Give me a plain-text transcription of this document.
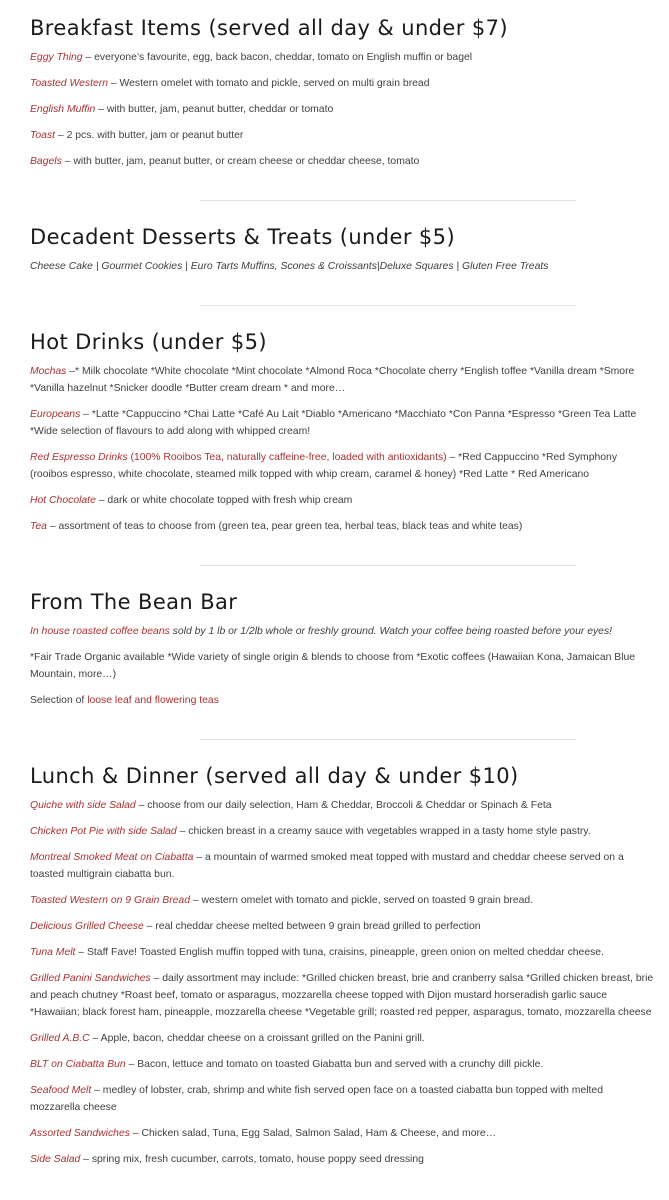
Breakfast Items (served all day & under $7)

Eggy Thing – everyone’s favourite, egg, back bacon, cheddar, tomato on English muffin or bagel

Toasted Western – Western omelet with tomato and pickle, served on multi grain bread

English Muffin – with butter, jam, peanut butter, cheddar or tomato

Toast – 2 pcs. with butter, jam or peanut butter

Bagels – with butter, jam, peanut butter, or cream cheese or cheddar cheese, tomato

Decadent Desserts & Treats (under $5)

Cheese Cake | Gourmet Cookies | Euro Tarts Muffins, Scones & Croissants|Deluxe Squares | Gluten Free Treats

Hot Drinks (under $5)

Mochas –* Milk chocolate *White chocolate *Mint chocolate *Almond Roca *Chocolate cherry *English toffee *Vanilla dream *Smore *Vanilla hazelnut *Snicker doodle *Butter cream dream * and more…

Europeans – *Latte *Cappuccino *Chai Latte *Café Au Lait *Diablo *Americano *Macchiato *Con Panna *Espresso *Green Tea Latte *Wide selection of flavours to add along with whipped cream!

Red Espresso Drinks (100% Rooibos Tea, naturally caffeine-free, loaded with antioxidants) – *Red Cappuccino *Red Symphony (rooibos espresso, white chocolate, steamed milk topped with whip cream, caramel & honey) *Red Latte * Red Americano

Hot Chocolate – dark or white chocolate topped with fresh whip cream

Tea – assortment of teas to choose from (green tea, pear green tea, herbal teas, black teas and white teas)

From The Bean Bar

In house roasted coffee beans sold by 1 lb or 1/2lb whole or freshly ground. Watch your coffee being roasted before your eyes!

*Fair Trade Organic available *Wide variety of single origin & blends to choose from *Exotic coffees (Hawaiian Kona, Jamaican Blue Mountain, more…)

Selection of loose leaf and flowering teas

Lunch & Dinner (served all day & under $10)

Quiche with side Salad – choose from our daily selection, Ham & Cheddar, Broccoli & Cheddar or Spinach & Feta

Chicken Pot Pie with side Salad – chicken breast in a creamy sauce with vegetables wrapped in a tasty home style pastry.

Montreal Smoked Meat on Ciabatta – a mountain of warmed smoked meat topped with mustard and cheddar cheese served on a toasted multigrain ciabatta bun.

Toasted Western on 9 Grain Bread – western omelet with tomato and pickle, served on toasted 9 grain bread.

Delicious Grilled Cheese – real cheddar cheese melted between 9 grain bread grilled to perfection

Tuna Melt – Staff Fave! Toasted English muffin topped with tuna, craisins, pineapple, green onion on melted cheddar cheese.

Grilled Panini Sandwiches – daily assortment may include: *Grilled chicken breast, brie and cranberry salsa *Grilled chicken breast, brie and peach chutney *Roast beef, tomato or asparagus, mozzarella cheese topped with Dijon mustard horseradish garlic sauce *Hawaiian; black forest ham, pineapple, mozzarella cheese *Vegetable grill; roasted red pepper, asparagus, tomato, mozzarella cheese

Grilled A.B.C – Apple, bacon, cheddar cheese on a croissant grilled on the Panini grill.

BLT on Ciabatta Bun – Bacon, lettuce and tomato on toasted Giabatta bun and served with a crunchy dill pickle.

Seafood Melt – medley of lobster, crab, shrimp and white fish served open face on a toasted ciabatta bun topped with melted mozzarella cheese

Assorted Sandwiches – Chicken salad, Tuna, Egg Salad, Salmon Salad, Ham & Cheese, and more…

Side Salad – spring mix, fresh cucumber, carrots, tomato, house poppy seed dressing
